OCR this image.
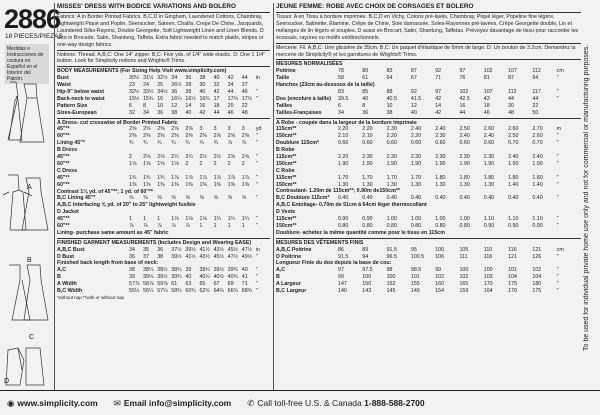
2886
18 PIECES/PIEZAS
Medidas e Instrucciones de costura en Español en el Interior del Patrón.
A
B
C
D
MISSES' DRESS WITH BODICE VARIATIONS AND BOLERO
Fabrics: A in Border Printed Fabrics. B,C,D in Gingham, Laundered Cottons, Chambray, Lightweight Piqué and Poplin, Seersucker, Sateen, Challis, Crepe De Chine, Jacquards, Laundered Silks-Rayons, Double Georgette, Soft Lightweight Linen and Linen Blends. D also in Brocade, Satin, Shantung, Taffeta. Extra fabric needed to match plaids, stripes or one-way design fabrics.
Notions: Thread. A,B,C: One 14" zipper. B,C: Five yds. of 1/4" wide elastic. D: One 1 1/4" button. Look for Simplicity notions and Wrights® Trims.
BODY MEASUREMENTS (For Sizing Help Visit www.simplicity.com)
Bust	30½ 31½ 32½ 34	36	38	40	42	44	in
Waist	23	24	25	26½ 28	30	32	34	37
Hip-9" below waist	32½ 33½ 34½ 36	38	40	42	44	46	"
Back-neck to waist	15½ 15¾ 16	16¼ 16½ 16¾ 17	17¼ 17½ "
Pattern Size	6	8	10	12	14	16	18	20	22
Sizes-European	32	34	36	38	40	42	44	46	48
A Dress- cut crosswise of Border Printed Fabric
45"**	2⅝	2⅝	2⅝	2⅝	2⅝	3	3	3	3	yd
60"**	2⅜	2⅜	2⅜	2⅜	2⅜	2⅜	2⅝	2⅝	2⅝	"
Lining 45"*	¾	¾	¾	¾	¾	¾	¾	⅞	⅞	"
B Dress
45"**	2	2⅛	2⅛	2¼	2¼	2½	2½	2⅝	2⅝	"
60"**	1⅝	1⅝	1⅝	1⅝	2	2	2	2	2	"
C Dress
45"**	1¾	1¾	1¾	1⅞	1⅞	1⅞	1⅞	1⅞	1⅞	"
60"**	1⅜	1⅜	1⅜	1⅜	1⅜	1⅜	1⅜	1⅜	1⅜	"
Contrast 1⅛ yd. of 45"**; 1 yd. of 60"**
B,C Lining 45"*	⅝	⅝	⅝	⅝	⅝	⅝	⅝	⅝	⅝	"
A,B,C Interfacing ⅝ yd. of 20" to 25" lightweight fusible
D Jacket
45"**	1	1	1	1⅛	1⅛	1⅛	1¼	1¼	1¼	"
60"**	⅞	⅞	⅞	⅞	⅞	1	1	1	1	"
Lining- purchase same amount as 45" fabric
FINISHED GARMENT MEASUREMENTS (Includes Design and Wearing EASE)
A,B,C Bust	34	35	36	37½ 39½ 41½ 43½ 45½ 47½ in
D Bust	36	37	38	39½ 41½ 43½ 45½ 47½ 49½ "
Finished back length from base of neck:
A,C	38	38¼ 38½ 38¾ 39	39¼ 39½ 39¾ 40	"
B	39	39¼ 39½ 39¾ 40	40¼ 40½ 40¾ 41	"
A Width	57⅞ 58⅞ 59⅞ 61	63	65	67	69	71	"
B,C Width	55¼ 56¼ 57¼ 58¾ 60¾ 62¾ 64¾ 66¾ 68¾ "
*without nap **with or without nap
JEUNE FEMME: ROBE AVEC CHOIX DE CORSAGES ET BOLERO
Tissus: A en Tissu à bordure imprimée. B,C,D en Vichy, Cotons pré-lavés, Chambray, Piqué léger, Popeline fine légère, Seersucker, Satinette, Étamine, Crêpe de Chine, Soie damassée, Soies-Rayonnes pré-lavées, Crêpe Georgette double, Lin et mélanges de lin légers et souples. D aussi en Brocart, Satin, Shantung, Taffetas. Prévoyez davantage de tissu pour raccorder les écossais, rayures ou motifs unidirectionnels.
Mercerie: Fil. A,B,C: Une glissière de 35cm. B,C: Un paquet d'élastique de 6mm de large. D: Un bouton de 3.2cm. Demandez la mercerie de Simplicity® et les garnitures de Wrights® Trims.
MESURES NORMALISÉES
Poitrine	78	80	83	87	92	97	102	107	112	cm
Taille	58	61	64	67	71	76	81	87	94	"
Hanches (23cm au-dessous de la taille)
83	85	88	92	97	102	107	112	117	"
Dos (encolure à taille)	39.5	40	40.5	41.5	42	42.5	43	44	44	"
Tailles	6	8	10	12	14	16	18	20	22
Tailles-Françaises	34	36	38	40	42	44	46	48	50
A Robe - coupée dans la largeur de la bordure imprimée
115cm**	2.20	2.20	2.30	2.40	2.40	2.50	2.60	2.60	2.70	m
150cm**	2.10	2.10	2.20	2.20	2.30	2.40	2.40	2.50	2.60	"
Doublure 115cm*	0.60	0.60	0.60	0.60	0.60	0.60	0.60	0.70	0.70	"
B Robe
115cm**	2.20	2.30	2.30	2.30	2.30	2.30	2.30	2.40	2.40	"
150cm**	1.90	1.90	1.90	1.90	1.90	1.90	1.90	1.90	1.90	"
C Robe
115cm**	1.70	1.70	1.70	1.70	1.80	1.80	1.80	1.80	1.80	"
150cm**	1.30	1.30	1.30	1.30	1.30	1.30	1.30	1.40	1.40	"
Contrastant- 1.20m de 115cm**; 0.90m de150cm**
B,C Doublure 115cm*	0.40	0.40	0.40	0.40	0.40	0.40	0.40	0.40	0.40	"
A,B,C Entoilage- 0.70m de 51cm à 64cm léger thermocollant
D Veste
115cm**	0.90	0.90	1.00	1.00	1.00	1.00	1.10	1.10	1.10	"
150cm**	0.80	0.80	0.80	0.80	0.80	0.80	0.90	0.90	0.90	"
Doublure- achetez la même quantité comme pour le tissu en 115cm
MESURES DES VÊTEMENTS FINIS
A,B,C Poitrine	86	89	91.5	95	100	105	110	116	121	cm
D Poitrine	91.5	94	96.5	100.5	106	111	116	121	126	"
Longueur Finie du dos depuis la base de cou:
A,C	97	97.5	98	98.5	99	100	100	101	102	"
B	99	100	100	101	102	102	103	104	104	"
A Largeur	147	150	152	155	160	165	170	175	180	"
B,C Largeur	140	143	145	149	154	159	164	170	175	"	To be used for individual private home use only and not for commercial or manufacturing purposes.
◉ www.simplicity.com ✉ Email info@simplicity.com ✆ Call toll-free U.S. & Canada 1-888-588-2700
